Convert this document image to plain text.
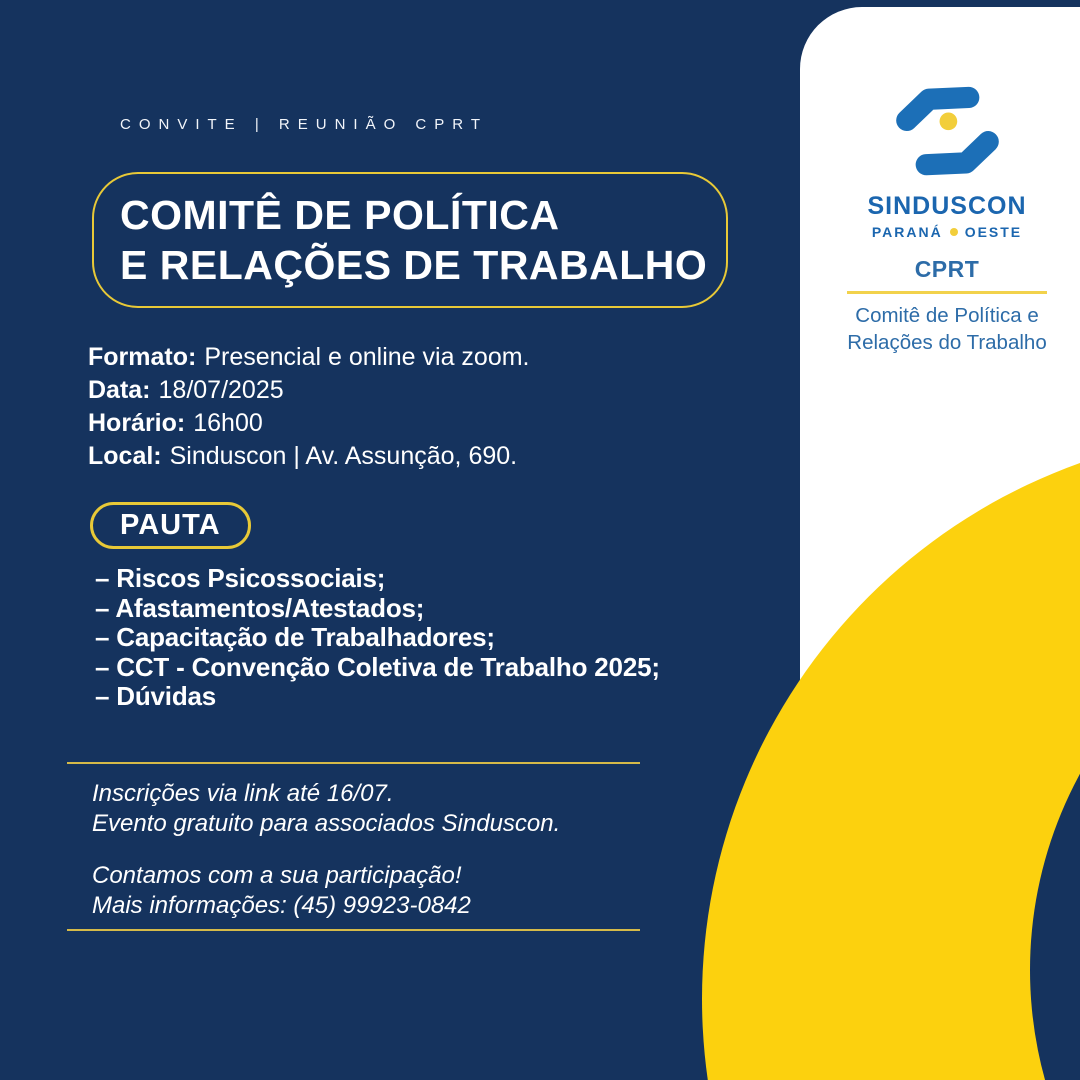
SINDUSCON
PARANÁ OESTE
CPRT
Comitê de Política e Relações do Trabalho
CONVITE | REUNIÃO CPRT
COMITÊ DE POLÍTICA
E RELAÇÕES DE TRABALHO
Formato: Presencial e online via zoom.
Data: 18/07/2025
Horário: 16h00
Local: Sinduscon | Av. Assunção, 690.
PAUTA
– Riscos Psicossociais;
– Afastamentos/Atestados;
– Capacitação de Trabalhadores;
– CCT - Convenção Coletiva de Trabalho 2025;
– Dúvidas
Inscrições via link até 16/07.
Evento gratuito para associados Sinduscon.
Contamos com a sua participação!
Mais informações: (45) 99923-0842
